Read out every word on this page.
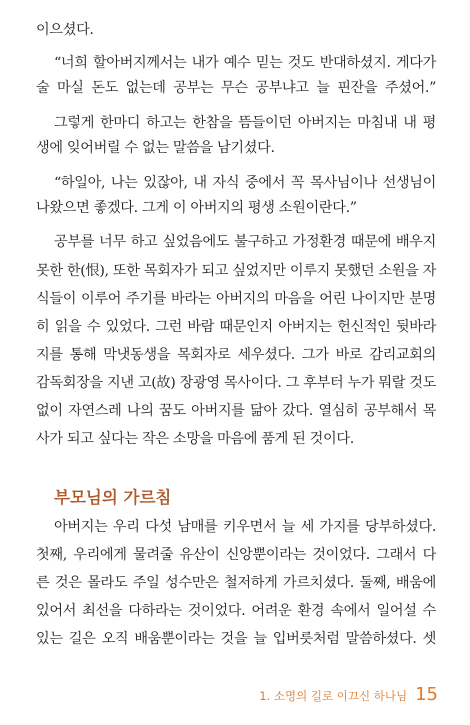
이으셨다.
“너희 할아버지께서는 내가 예수 믿는 것도 반대하셨지. 게다가
술 마실 돈도 없는데 공부는 무슨 공부냐고 늘 핀잔을 주셨어.”
그렇게 한마디 하고는 한참을 뜸들이던 아버지는 마침내 내 평
생에 잊어버릴 수 없는 말씀을 남기셨다.
“하일아, 나는 있잖아, 내 자식 중에서 꼭 목사님이나 선생님이
나왔으면 좋겠다. 그게 이 아버지의 평생 소원이란다.”
공부를 너무 하고 싶었음에도 불구하고 가정환경 때문에 배우지
못한 한(恨), 또한 목회자가 되고 싶었지만 이루지 못했던 소원을 자
식들이 이루어 주기를 바라는 아버지의 마음을 어린 나이지만 분명
히 읽을 수 있었다. 그런 바람 때문인지 아버지는 헌신적인 뒷바라
지를 통해 막냇동생을 목회자로 세우셨다. 그가 바로 감리교회의
감독회장을 지낸 고(故) 장광영 목사이다. 그 후부터 누가 뭐랄 것도
없이 자연스레 나의 꿈도 아버지를 닮아 갔다. 열심히 공부해서 목
사가 되고 싶다는 작은 소망을 마음에 품게 된 것이다.
부모님의 가르침
아버지는 우리 다섯 남매를 키우면서 늘 세 가지를 당부하셨다.
첫째, 우리에게 물려줄 유산이 신앙뿐이라는 것이었다. 그래서 다
른 것은 몰라도 주일 성수만은 철저하게 가르치셨다. 둘째, 배움에
있어서 최선을 다하라는 것이었다. 어려운 환경 속에서 일어설 수
있는 길은 오직 배움뿐이라는 것을 늘 입버릇처럼 말씀하셨다. 셋
1. 소명의 길로 이끄신 하나님 15
